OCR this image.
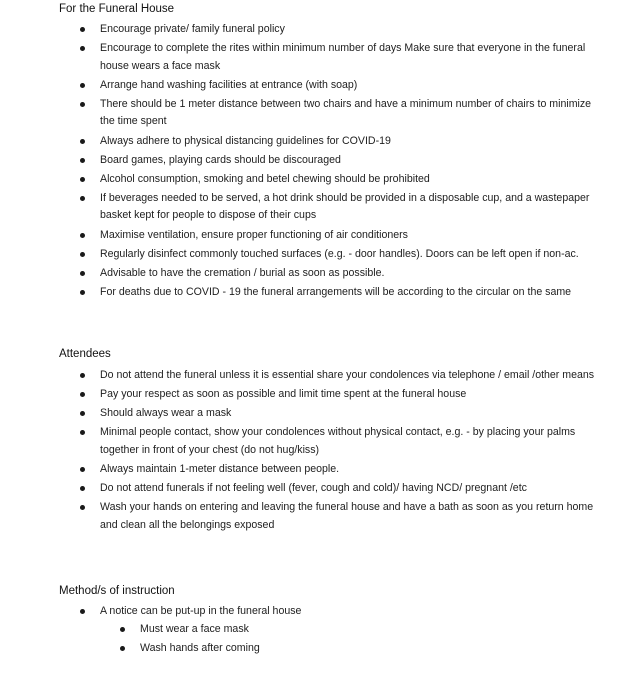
For the Funeral House
Encourage private/ family funeral policy
Encourage to complete the rites within minimum number of days Make sure that everyone in the funeral house wears a face mask
Arrange hand washing facilities at entrance (with soap)
There should be 1 meter distance between two chairs and have a minimum number of chairs to minimize the time spent
Always adhere to physical distancing guidelines for COVID-19
Board games, playing cards should be discouraged
Alcohol consumption, smoking and betel chewing should be prohibited
If beverages needed to be served, a hot drink should be provided in a disposable cup, and a wastepaper basket kept for people to dispose of their cups
Maximise ventilation, ensure proper functioning of air conditioners
Regularly disinfect commonly touched surfaces (e.g. - door handles). Doors can be left open if non-ac.
Advisable to have the cremation / burial as soon as possible.
For deaths due to COVID - 19 the funeral arrangements will be according to the circular on the same
Attendees
Do not attend the funeral unless it is essential share your condolences via telephone / email /other means
Pay your respect as soon as possible and limit time spent at the funeral house
Should always wear a mask
Minimal people contact, show your condolences without physical contact, e.g. - by placing your palms together in front of your chest (do not hug/kiss)
Always maintain 1-meter distance between people.
Do not attend funerals if not feeling well (fever, cough and cold)/ having NCD/ pregnant /etc
Wash your hands on entering and leaving the funeral house and have a bath as soon as you return home and clean all the belongings exposed
Method/s of instruction
A notice can be put-up in the funeral house
Must wear a face mask
Wash hands after coming
